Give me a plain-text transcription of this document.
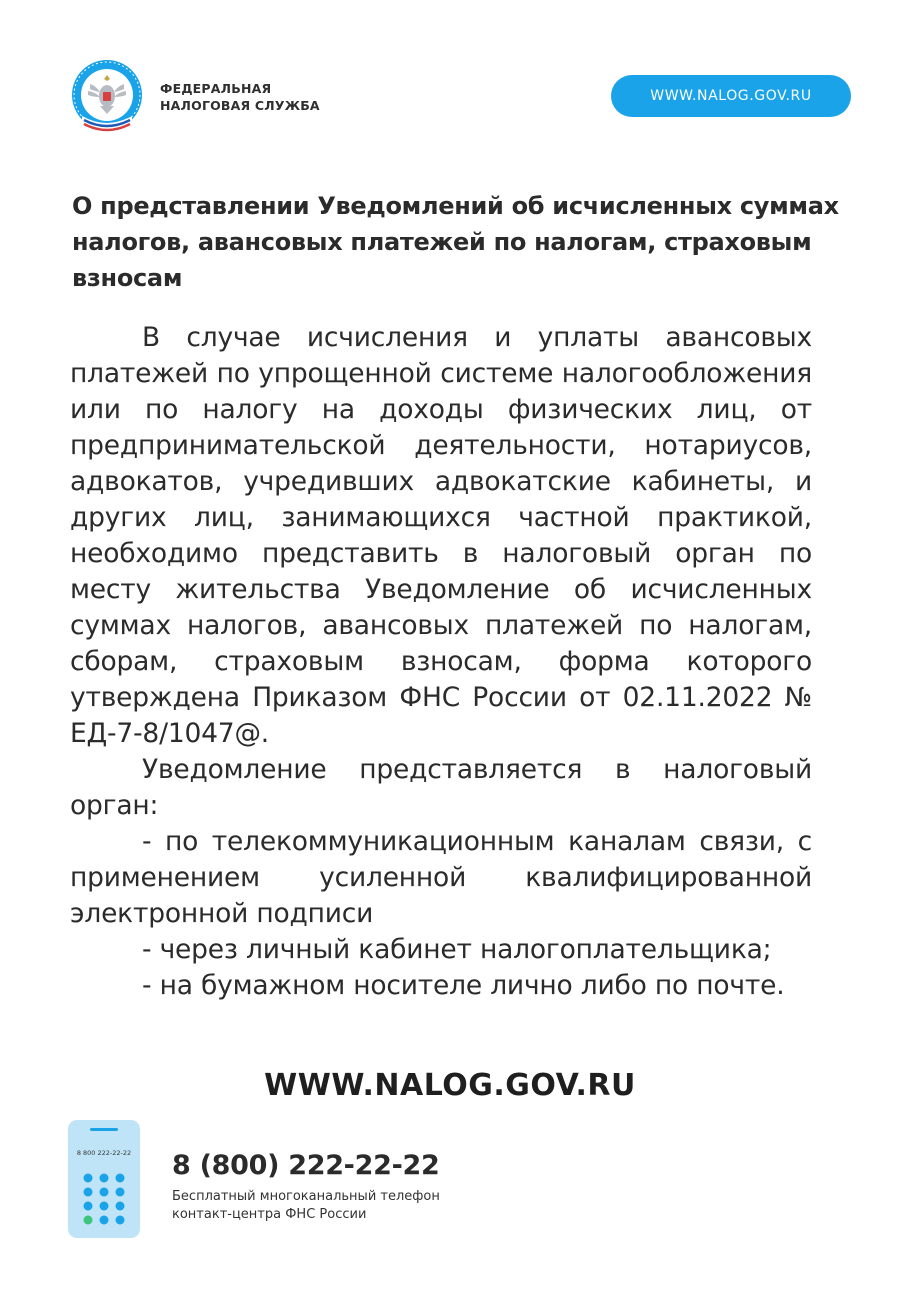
ФЕДЕРАЛЬНАЯ
НАЛОГОВАЯ СЛУЖБА
WWW.NALOG.GOV.RU
О представлении Уведомлений об исчисленных суммах налогов, авансовых платежей по налогам, страховым взносам

В случае исчисления и уплаты авансовых платежей по упрощенной системе налогообложения или по налогу на доходы физических лиц, от предпринимательской деятельности, нотариусов, адвокатов, учредивших адвокатские кабинеты, и других лиц, занимающихся частной практикой, необходимо представить в налоговый орган по месту жительства Уведомление об исчисленных суммах налогов, авансовых платежей по налогам, сборам, страховым взносам, форма которого утверждена Приказом ФНС России от 02.11.2022 № ЕД-7-8/1047@.

Уведомление представляется в налоговый орган:

- по телекоммуникационным каналам связи, с применением усиленной квалифицированной электронной подписи

- через личный кабинет налогоплательщика;

- на бумажном носителе лично либо по почте.

WWW.NALOG.GOV.RU
8 800 222-22-22 8 (800) 222-22-22
Бесплатный многоканальный телефон
контакт-центра ФНС России
